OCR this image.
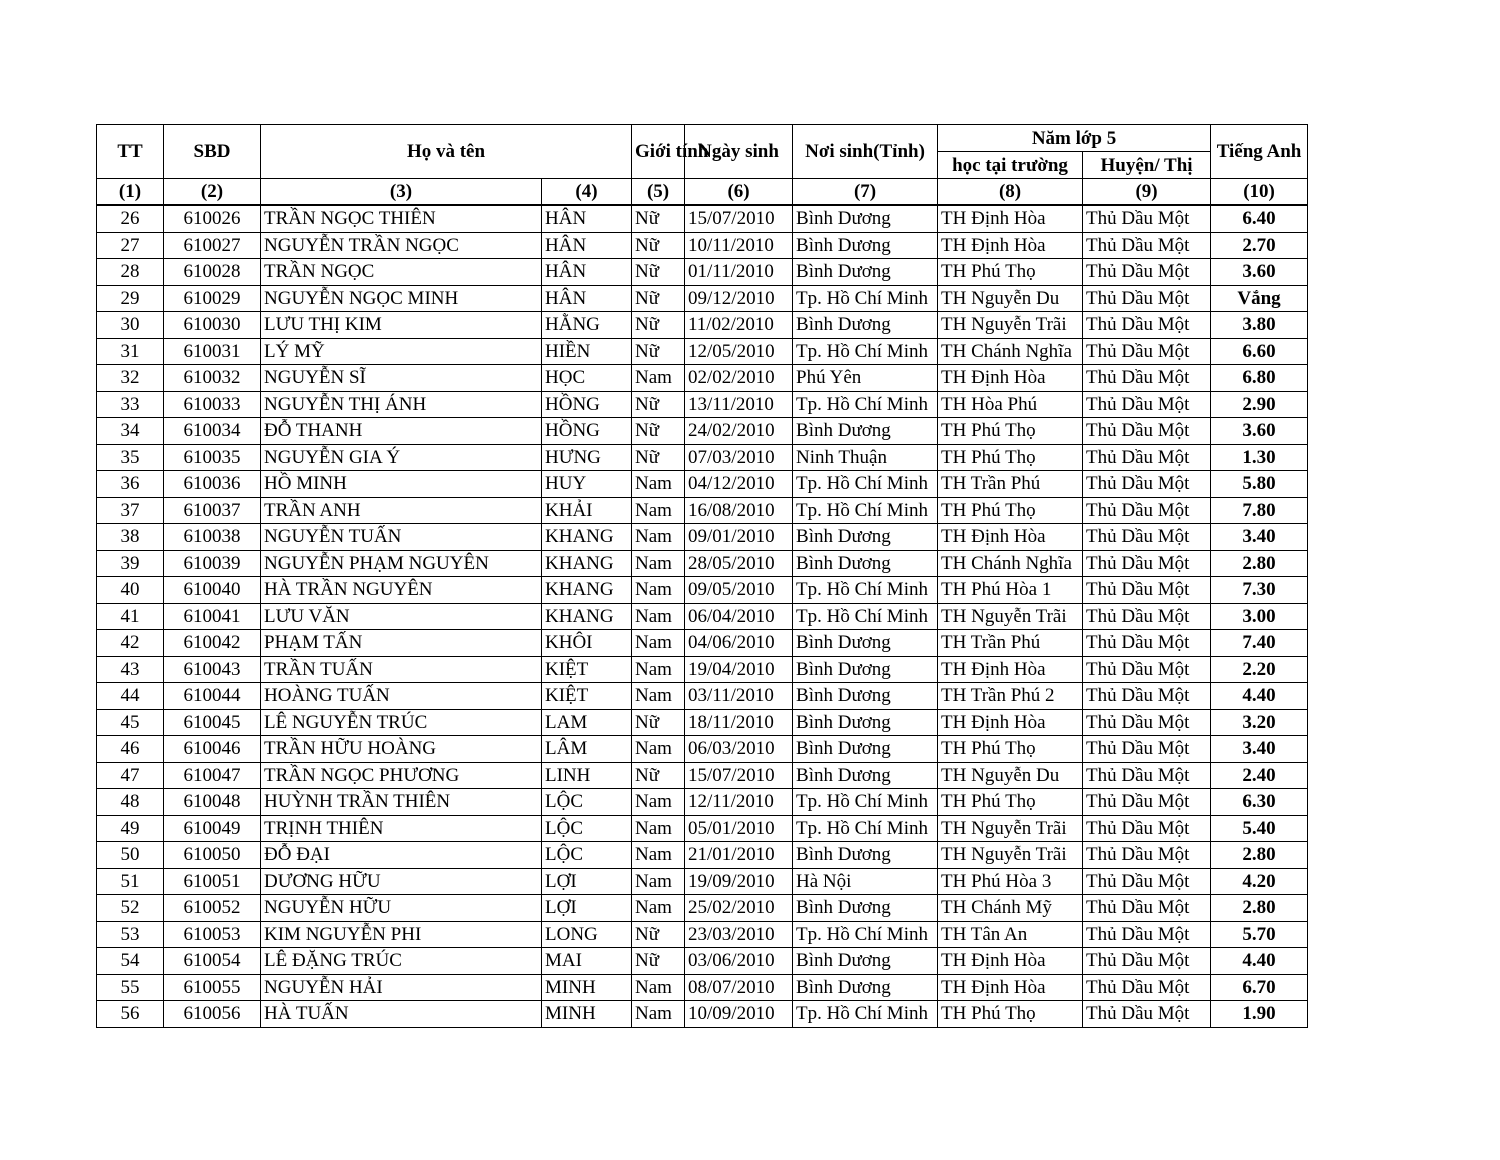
TT	SBD	Họ và tên		Giới tính	Ngày sinh	Nơi sinh(Tỉnh)	Năm lớp 5		Tiếng Anh
							học tại trường	Huyện/ Thị	
(1)	(2)	(3)	(4)	(5)	(6)	(7)	(8)	(9)	(10)
26	610026	TRẦN NGỌC THIÊN	HÂN	Nữ	15/07/2010	Bình Dương	TH Định Hòa	Thủ Dầu Một	6.40
27	610027	NGUYỄN TRẦN NGỌC	HÂN	Nữ	10/11/2010	Bình Dương	TH Định Hòa	Thủ Dầu Một	2.70
28	610028	TRẦN NGỌC	HÂN	Nữ	01/11/2010	Bình Dương	TH Phú Thọ	Thủ Dầu Một	3.60
29	610029	NGUYỄN NGỌC MINH	HÂN	Nữ	09/12/2010	Tp. Hồ Chí Minh	TH Nguyễn Du	Thủ Dầu Một	Vắng
30	610030	LƯU THỊ KIM	HẰNG	Nữ	11/02/2010	Bình Dương	TH Nguyễn Trãi	Thủ Dầu Một	3.80
31	610031	LÝ MỸ	HIỀN	Nữ	12/05/2010	Tp. Hồ Chí Minh	TH Chánh Nghĩa	Thủ Dầu Một	6.60
32	610032	NGUYỄN SĨ	HỌC	Nam	02/02/2010	Phú Yên	TH Định Hòa	Thủ Dầu Một	6.80
33	610033	NGUYỄN THỊ ÁNH	HỒNG	Nữ	13/11/2010	Tp. Hồ Chí Minh	TH Hòa Phú	Thủ Dầu Một	2.90
34	610034	ĐỖ THANH	HỒNG	Nữ	24/02/2010	Bình Dương	TH Phú Thọ	Thủ Dầu Một	3.60
35	610035	NGUYỄN GIA Ý	HƯNG	Nữ	07/03/2010	Ninh Thuận	TH Phú Thọ	Thủ Dầu Một	1.30
36	610036	HỒ MINH	HUY	Nam	04/12/2010	Tp. Hồ Chí Minh	TH Trần Phú	Thủ Dầu Một	5.80
37	610037	TRẦN ANH	KHẢI	Nam	16/08/2010	Tp. Hồ Chí Minh	TH Phú Thọ	Thủ Dầu Một	7.80
38	610038	NGUYỄN TUẤN	KHANG	Nam	09/01/2010	Bình Dương	TH Định Hòa	Thủ Dầu Một	3.40
39	610039	NGUYỄN PHẠM NGUYÊN	KHANG	Nam	28/05/2010	Bình Dương	TH Chánh Nghĩa	Thủ Dầu Một	2.80
40	610040	HÀ TRẦN NGUYÊN	KHANG	Nam	09/05/2010	Tp. Hồ Chí Minh	TH Phú Hòa 1	Thủ Dầu Một	7.30
41	610041	LƯU VĂN	KHANG	Nam	06/04/2010	Tp. Hồ Chí Minh	TH Nguyễn Trãi	Thủ Dầu Một	3.00
42	610042	PHẠM TẤN	KHÔI	Nam	04/06/2010	Bình Dương	TH Trần Phú	Thủ Dầu Một	7.40
43	610043	TRẦN TUẤN	KIỆT	Nam	19/04/2010	Bình Dương	TH Định Hòa	Thủ Dầu Một	2.20
44	610044	HOÀNG TUẤN	KIỆT	Nam	03/11/2010	Bình Dương	TH Trần Phú 2	Thủ Dầu Một	4.40
45	610045	LÊ NGUYỄN TRÚC	LAM	Nữ	18/11/2010	Bình Dương	TH Định Hòa	Thủ Dầu Một	3.20
46	610046	TRẦN HỮU HOÀNG	LÂM	Nam	06/03/2010	Bình Dương	TH Phú Thọ	Thủ Dầu Một	3.40
47	610047	TRẦN NGỌC PHƯƠNG	LINH	Nữ	15/07/2010	Bình Dương	TH Nguyễn Du	Thủ Dầu Một	2.40
48	610048	HUỲNH TRẦN THIÊN	LỘC	Nam	12/11/2010	Tp. Hồ Chí Minh	TH Phú Thọ	Thủ Dầu Một	6.30
49	610049	TRỊNH THIÊN	LỘC	Nam	05/01/2010	Tp. Hồ Chí Minh	TH Nguyễn Trãi	Thủ Dầu Một	5.40
50	610050	ĐỖ ĐẠI	LỘC	Nam	21/01/2010	Bình Dương	TH Nguyễn Trãi	Thủ Dầu Một	2.80
51	610051	DƯƠNG HỮU	LỢI	Nam	19/09/2010	Hà Nội	TH Phú Hòa 3	Thủ Dầu Một	4.20
52	610052	NGUYỄN HỮU	LỢI	Nam	25/02/2010	Bình Dương	TH Chánh Mỹ	Thủ Dầu Một	2.80
53	610053	KIM NGUYỄN PHI	LONG	Nữ	23/03/2010	Tp. Hồ Chí Minh	TH Tân An	Thủ Dầu Một	5.70
54	610054	LÊ ĐẶNG TRÚC	MAI	Nữ	03/06/2010	Bình Dương	TH Định Hòa	Thủ Dầu Một	4.40
55	610055	NGUYỄN HẢI	MINH	Nam	08/07/2010	Bình Dương	TH Định Hòa	Thủ Dầu Một	6.70
56	610056	HÀ TUẤN	MINH	Nam	10/09/2010	Tp. Hồ Chí Minh	TH Phú Thọ	Thủ Dầu Một	1.90
